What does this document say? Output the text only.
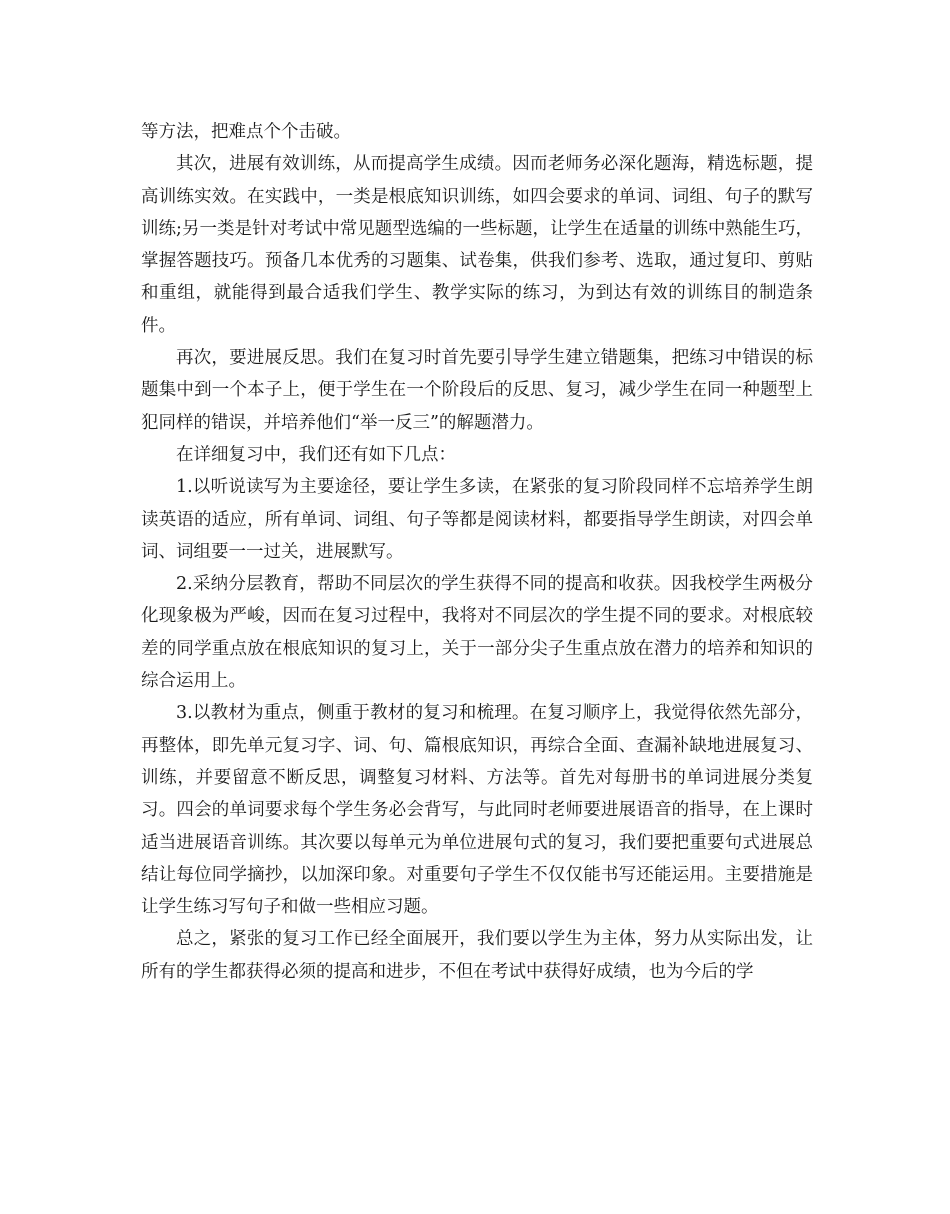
等方法，把难点个个击破。

其次，进展有效训练，从而提高学生成绩。因而老师务必深化题海，精选标题，提高训练实效。在实践中，一类是根底知识训练，如四会要求的单词、词组、句子的默写训练;另一类是针对考试中常见题型选编的一些标题，让学生在适量的训练中熟能生巧，掌握答题技巧。预备几本优秀的习题集、试卷集，供我们参考、选取，通过复印、剪贴和重组，就能得到最合适我们学生、教学实际的练习，为到达有效的训练目的制造条件。

再次，要进展反思。我们在复习时首先要引导学生建立错题集，把练习中错误的标题集中到一个本子上，便于学生在一个阶段后的反思、复习，减少学生在同一种题型上犯同样的错误，并培养他们“举一反三”的解题潜力。

在详细复习中，我们还有如下几点：

1.以听说读写为主要途径，要让学生多读，在紧张的复习阶段同样不忘培养学生朗读英语的适应，所有单词、词组、句子等都是阅读材料，都要指导学生朗读，对四会单词、词组要一一过关，进展默写。

2.采纳分层教育，帮助不同层次的学生获得不同的提高和收获。因我校学生两极分化现象极为严峻，因而在复习过程中，我将对不同层次的学生提不同的要求。对根底较差的同学重点放在根底知识的复习上，关于一部分尖子生重点放在潜力的培养和知识的综合运用上。

3.以教材为重点，侧重于教材的复习和梳理。在复习顺序上，我觉得依然先部分，再整体，即先单元复习字、词、句、篇根底知识，再综合全面、查漏补缺地进展复习、训练，并要留意不断反思，调整复习材料、方法等。首先对每册书的单词进展分类复习。四会的单词要求每个学生务必会背写，与此同时老师要进展语音的指导，在上课时适当进展语音训练。其次要以每单元为单位进展句式的复习，我们要把重要句式进展总结让每位同学摘抄，以加深印象。对重要句子学生不仅仅能书写还能运用。主要措施是让学生练习写句子和做一些相应习题。

总之，紧张的复习工作已经全面展开，我们要以学生为主体，努力从实际出发，让所有的学生都获得必须的提高和进步，不但在考试中获得好成绩，也为今后的学
